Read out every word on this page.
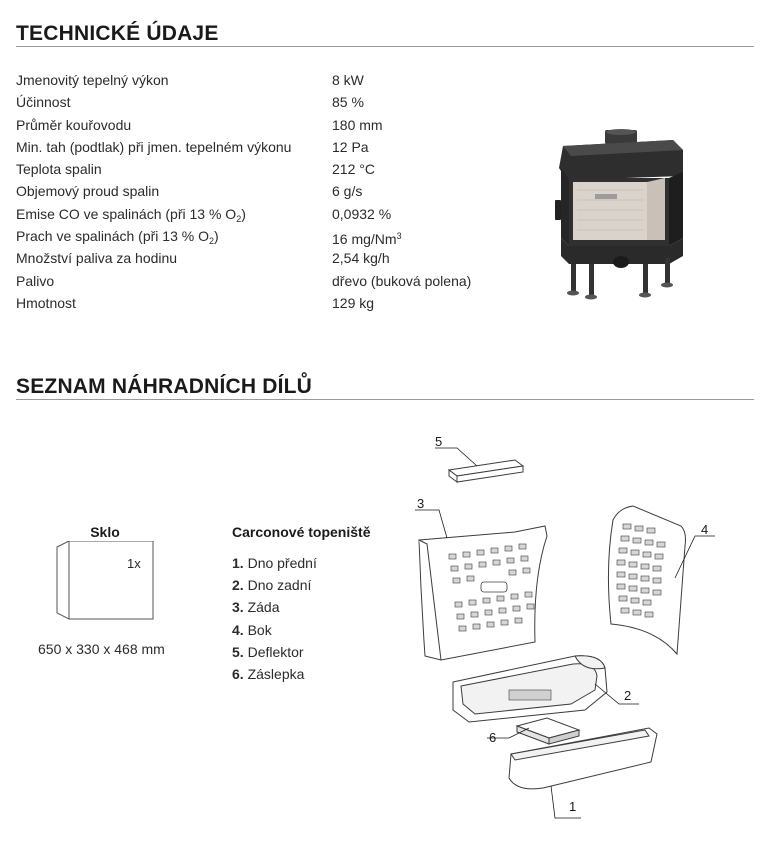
TECHNICKÉ ÚDAJE
Jmenovitý tepelný výkon	8 kW
Účinnost	85 %
Průměr kouřovodu	180 mm
Min. tah (podtlak) při jmen. tepelném výkonu	12 Pa
Teplota spalin	212 °C
Objemový proud spalin	6 g/s
Emise CO ve spalinách (při 13 % $O_2$)	0,0932 %
Prach ve spalinách (při 13 % $O_2$)	16 mg/Nm$^3$
Množství paliva za hodinu	2,54 kg/h
Palivo	dřevo (buková polena)
Hmotnost	129 kg
SEZNAM NÁHRADNÍCH DÍLŮ
Sklo
1x
650 x 330 x 468 mm
Carconové topeniště
1. Dno přední
2. Dno zadní
3. Záda
4. Bok
5. Deflektor
6. Záslepka
5
3
4
2
6
1
